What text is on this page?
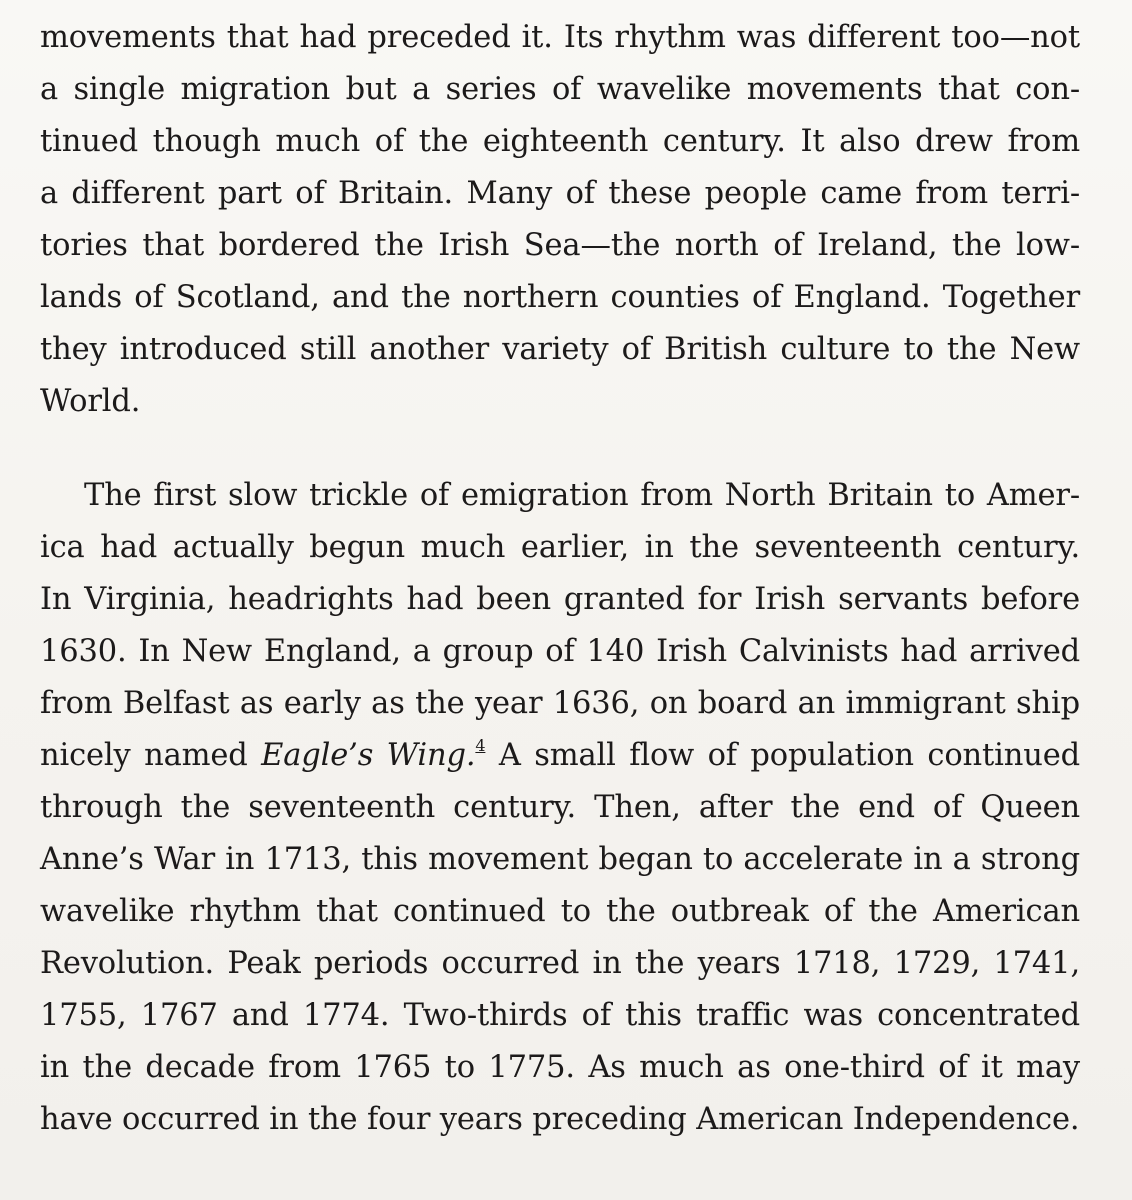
movements that had preceded it. Its rhythm was different too—not
a single migration but a series of wavelike movements that con-
tinued though much of the eighteenth century. It also drew from
a different part of Britain. Many of these people came from terri-
tories that bordered the Irish Sea—the north of Ireland, the low-
lands of Scotland, and the northern counties of England. Together
they introduced still another variety of British culture to the New
World.
The first slow trickle of emigration from North Britain to Amer-
ica had actually begun much earlier, in the seventeenth century.
In Virginia, headrights had been granted for Irish servants before
1630. In New England, a group of 140 Irish Calvinists had arrived
from Belfast as early as the year 1636, on board an immigrant ship
nicely named Eagle’s Wing.$^4$ A small flow of population continued
through the seventeenth century. Then, after the end of Queen
Anne’s War in 1713, this movement began to accelerate in a strong
wavelike rhythm that continued to the outbreak of the American
Revolution. Peak periods occurred in the years 1718, 1729, 1741,
1755, 1767 and 1774. Two-thirds of this traffic was concentrated
in the decade from 1765 to 1775. As much as one-third of it may
have occurred in the four years preceding American Independence.
